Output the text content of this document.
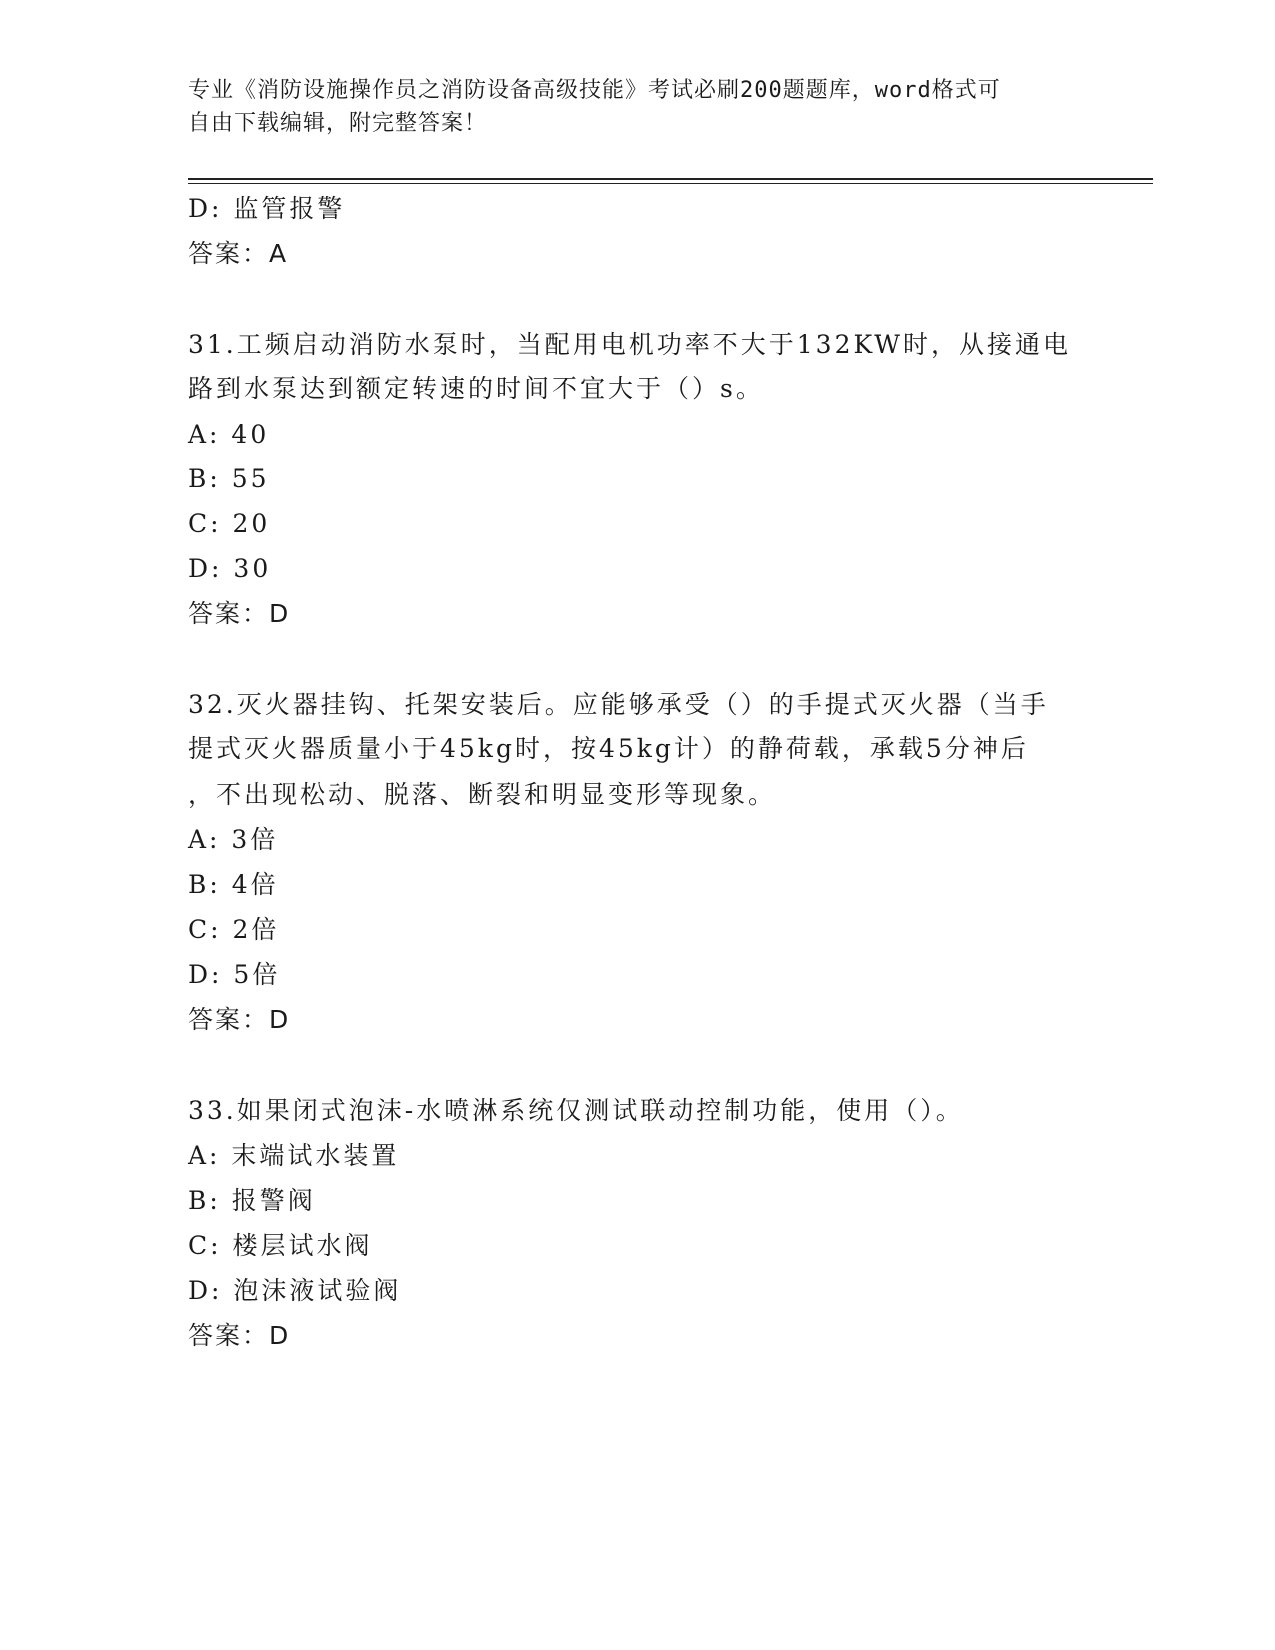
专业《消防设施操作员之消防设备高级技能》考试必刷200题题库，word格式可
自由下载编辑，附完整答案！
D: 监管报警
答案：A
31.工频启动消防水泵时，当配用电机功率不大于132KW时，从接通电
路到水泵达到额定转速的时间不宜大于（）s。
A: 40
B: 55
C: 20
D: 30
答案：D
32.灭火器挂钩、托架安装后。应能够承受（）的手提式灭火器（当手
提式灭火器质量小于45kg时，按45kg计）的静荷载，承载5分神后
，不出现松动、脱落、断裂和明显变形等现象。
A: 3倍
B: 4倍
C: 2倍
D: 5倍
答案：D
33.如果闭式泡沫-水喷淋系统仅测试联动控制功能，使用（）。
A: 末端试水装置
B: 报警阀
C: 楼层试水阀
D: 泡沫液试验阀
答案：D
